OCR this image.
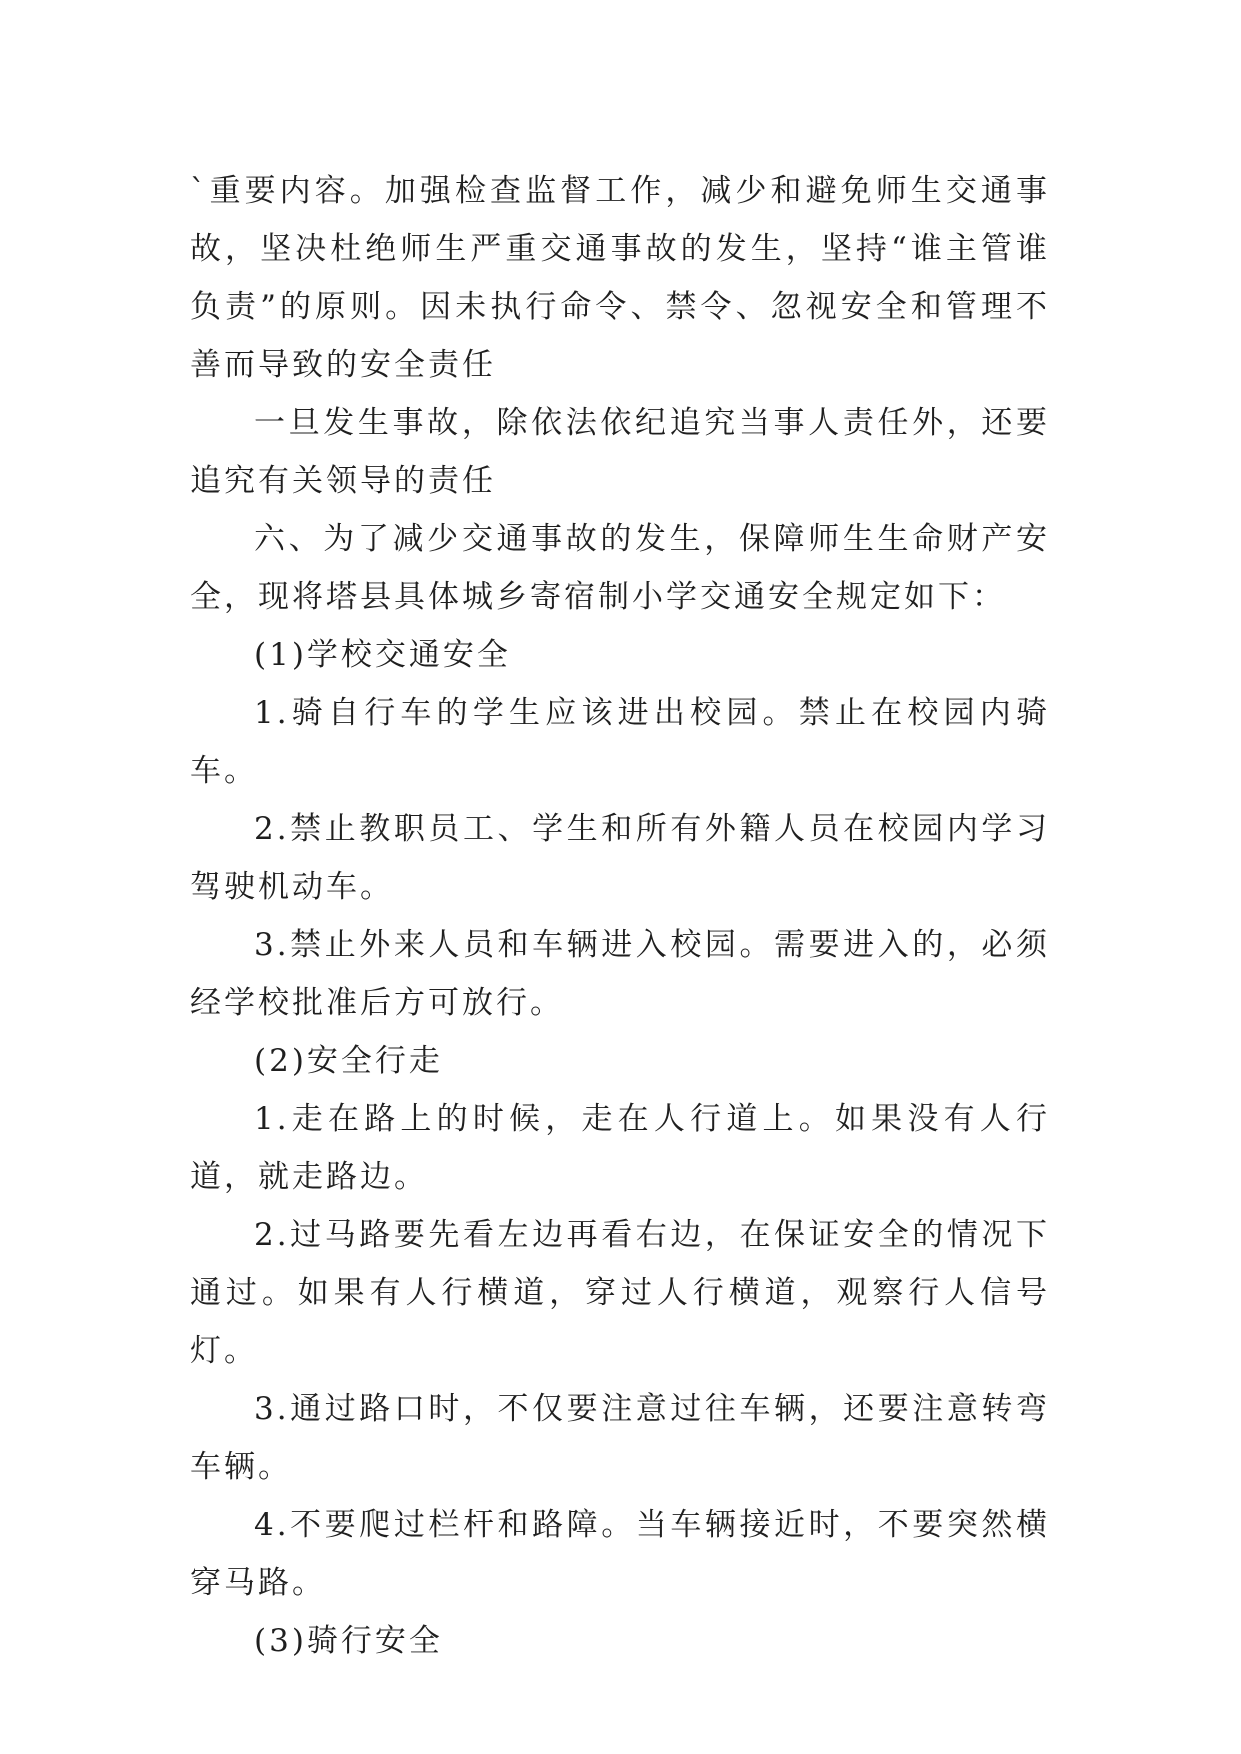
`重要内容。加强检查监督工作，减少和避免师生交通事故，坚决杜绝师生严重交通事故的发生，坚持“谁主管谁负责”的原则。因未执行命令、禁令、忽视安全和管理不善而导致的安全责任

一旦发生事故，除依法依纪追究当事人责任外，还要追究有关领导的责任

六、为了减少交通事故的发生，保障师生生命财产安全，现将塔县具体城乡寄宿制小学交通安全规定如下：

(1)学校交通安全

1.骑自行车的学生应该进出校园。禁止在校园内骑车。

2.禁止教职员工、学生和所有外籍人员在校园内学习驾驶机动车。

3.禁止外来人员和车辆进入校园。需要进入的，必须经学校批准后方可放行。

(2)安全行走

1.走在路上的时候，走在人行道上。如果没有人行道，就走路边。

2.过马路要先看左边再看右边，在保证安全的情况下通过。如果有人行横道，穿过人行横道，观察行人信号灯。

3.通过路口时，不仅要注意过往车辆，还要注意转弯车辆。

4.不要爬过栏杆和路障。当车辆接近时，不要突然横穿马路。

(3)骑行安全
